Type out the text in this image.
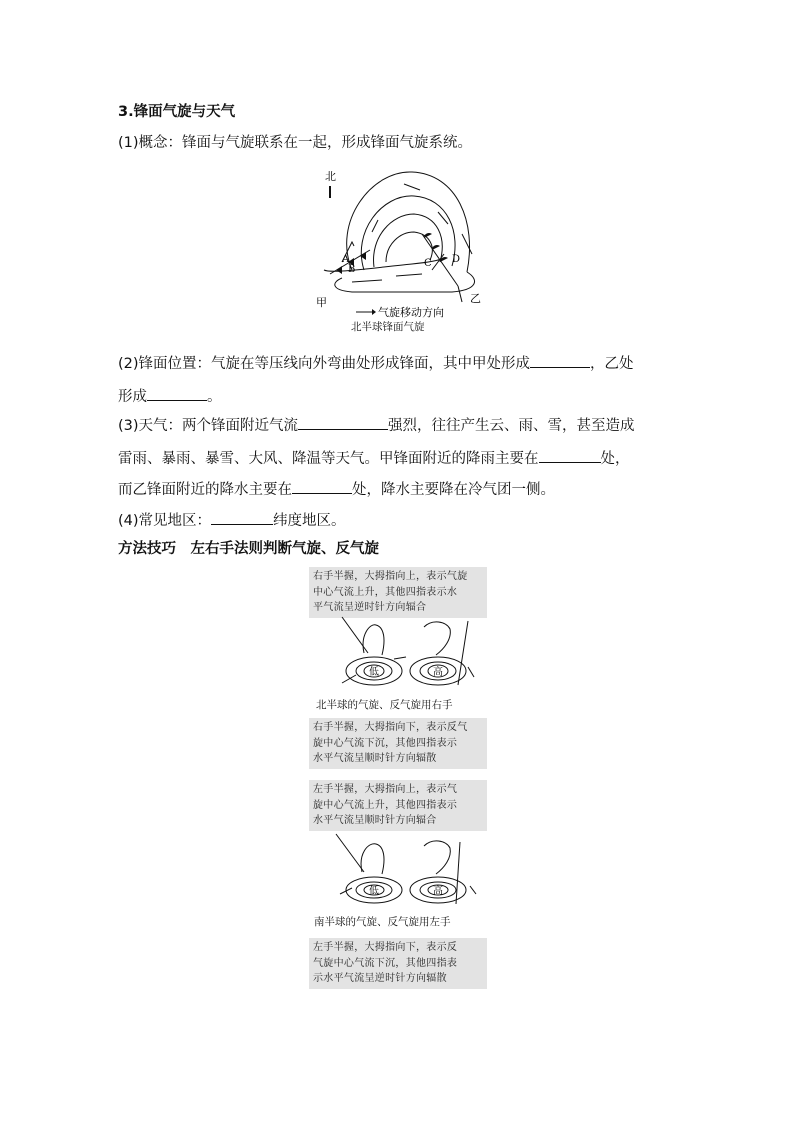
3.锋面气旋与天气
(1)概念：锋面与气旋联系在一起，形成锋面气旋系统。
北
A
B
C D
甲	乙
气旋移动方向
北半球锋面气旋
(2)锋面位置：气旋在等压线向外弯曲处形成锋面，其中甲处形成	，乙处
形成	。
(3)天气：两个锋面附近气流	强烈，往往产生云、雨、雪，甚至造成
雷雨、暴雨、暴雪、大风、降温等天气。甲锋面附近的降雨主要在	处，
而乙锋面附近的降水主要在	处，降水主要降在冷气团一侧。
(4)常见地区：	纬度地区。
方法技巧　左右手法则判断气旋、反气旋
右手半握，大拇指向上，表示气旋
中心气流上升，其他四指表示水
平气流呈逆时针方向辐合
低	高
北半球的气旋、反气旋用右手
右手半握，大拇指向下，表示反气
旋中心气流下沉，其他四指表示
水平气流呈顺时针方向辐散
左手半握，大拇指向上，表示气
旋中心气流上升，其他四指表示
水平气流呈顺时针方向辐合
低	高
南半球的气旋、反气旋用左手
左手半握，大拇指向下，表示反
气旋中心气流下沉，其他四指表
示水平气流呈逆时针方向辐散
